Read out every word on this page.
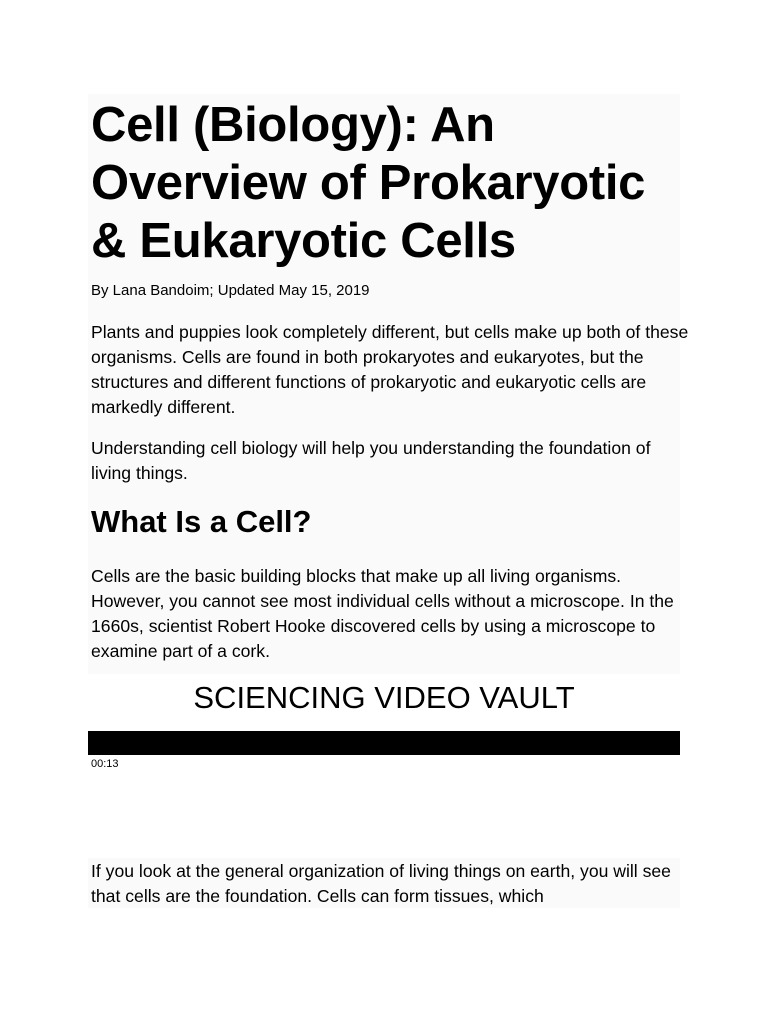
Cell (Biology): An Overview of Prokaryotic & Eukaryotic Cells

By Lana Bandoim; Updated May 15, 2019

Plants and puppies look completely different, but cells make up both of these organisms. Cells are found in both prokaryotes and eukaryotes, but the structures and different functions of prokaryotic and eukaryotic cells are markedly different.

Understanding cell biology will help you understanding the foundation of living things.

What Is a Cell?

Cells are the basic building blocks that make up all living organisms. However, you cannot see most individual cells without a microscope. In the 1660s, scientist Robert Hooke discovered cells by using a microscope to examine part of a cork.

SCIENCING VIDEO VAULT

00:13

If you look at the general organization of living things on earth, you will see that cells are the foundation. Cells can form tissues, which
